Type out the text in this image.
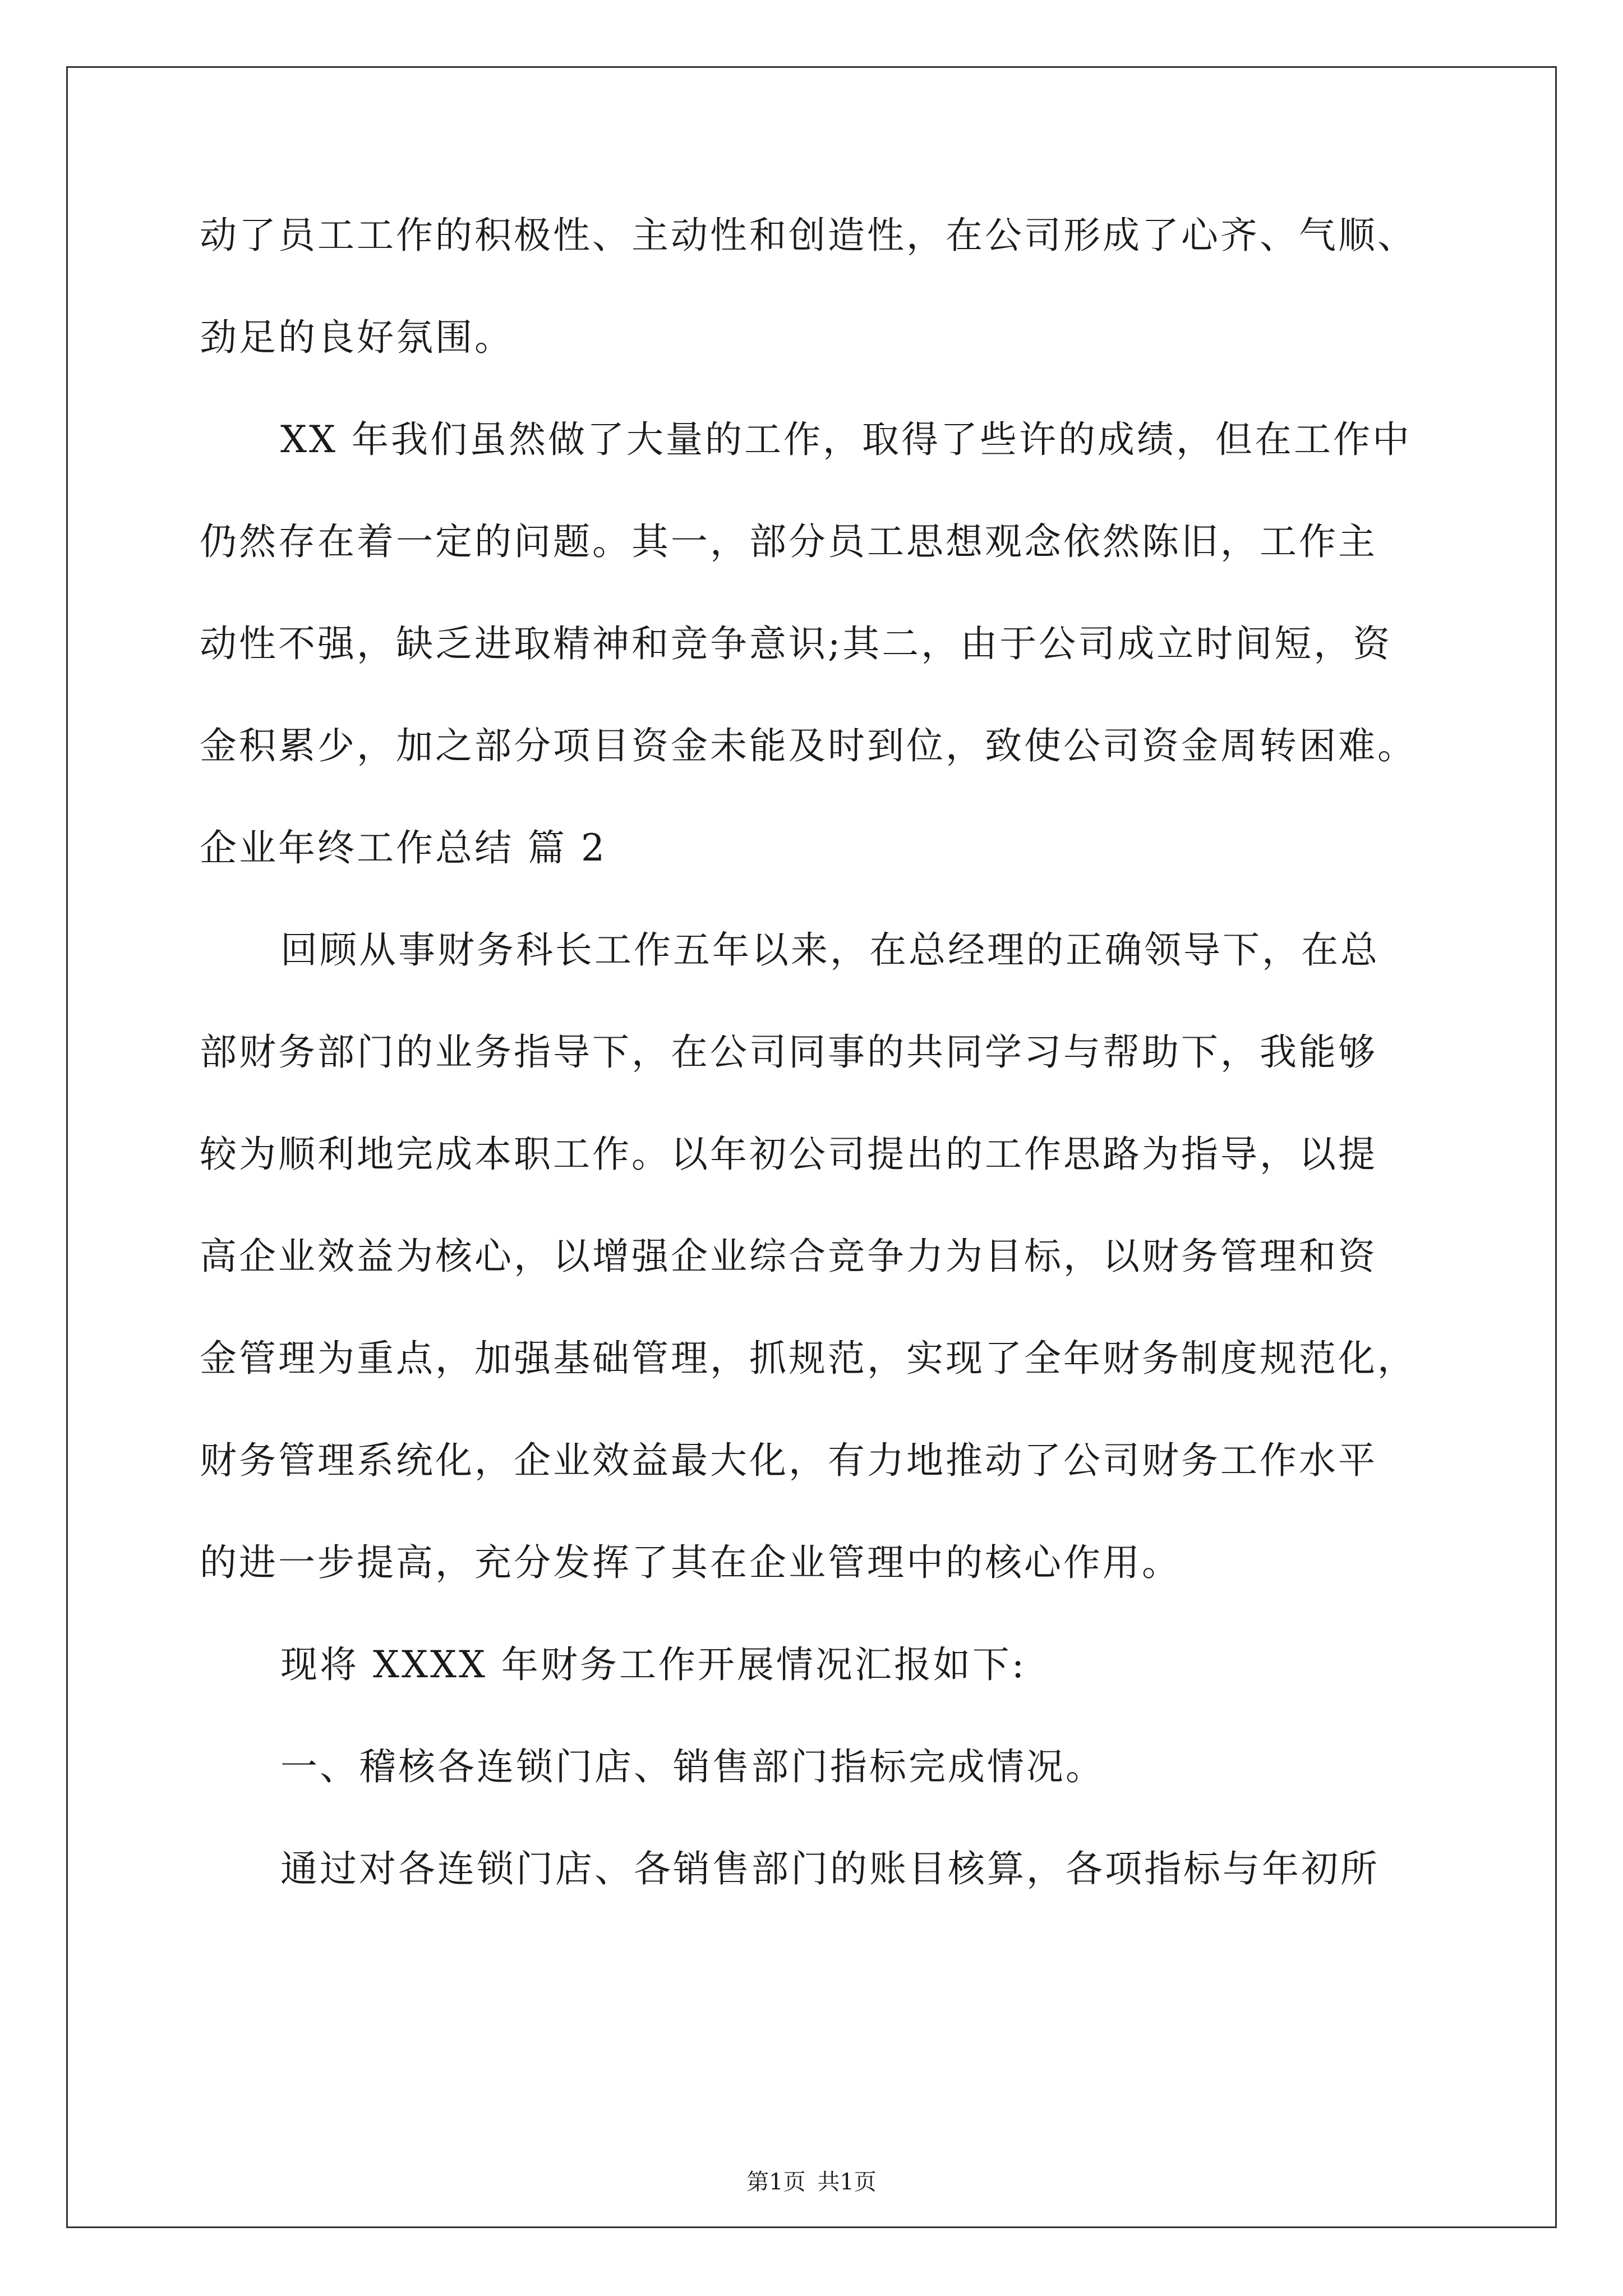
动了员工工作的积极性、主动性和创造性，在公司形成了心齐、气顺、
劲足的良好氛围。
XX 年我们虽然做了大量的工作，取得了些许的成绩，但在工作中
仍然存在着一定的问题。其一，部分员工思想观念依然陈旧，工作主
动性不强，缺乏进取精神和竞争意识;其二，由于公司成立时间短，资
金积累少，加之部分项目资金未能及时到位，致使公司资金周转困难。
企业年终工作总结 篇 2
回顾从事财务科长工作五年以来，在总经理的正确领导下，在总
部财务部门的业务指导下，在公司同事的共同学习与帮助下，我能够
较为顺利地完成本职工作。以年初公司提出的工作思路为指导，以提
高企业效益为核心，以增强企业综合竞争力为目标，以财务管理和资
金管理为重点，加强基础管理，抓规范，实现了全年财务制度规范化，
财务管理系统化，企业效益最大化，有力地推动了公司财务工作水平
的进一步提高，充分发挥了其在企业管理中的核心作用。
现将 XXXX 年财务工作开展情况汇报如下:
一、稽核各连锁门店、销售部门指标完成情况。
通过对各连锁门店、各销售部门的账目核算，各项指标与年初所
第1页 共1页
